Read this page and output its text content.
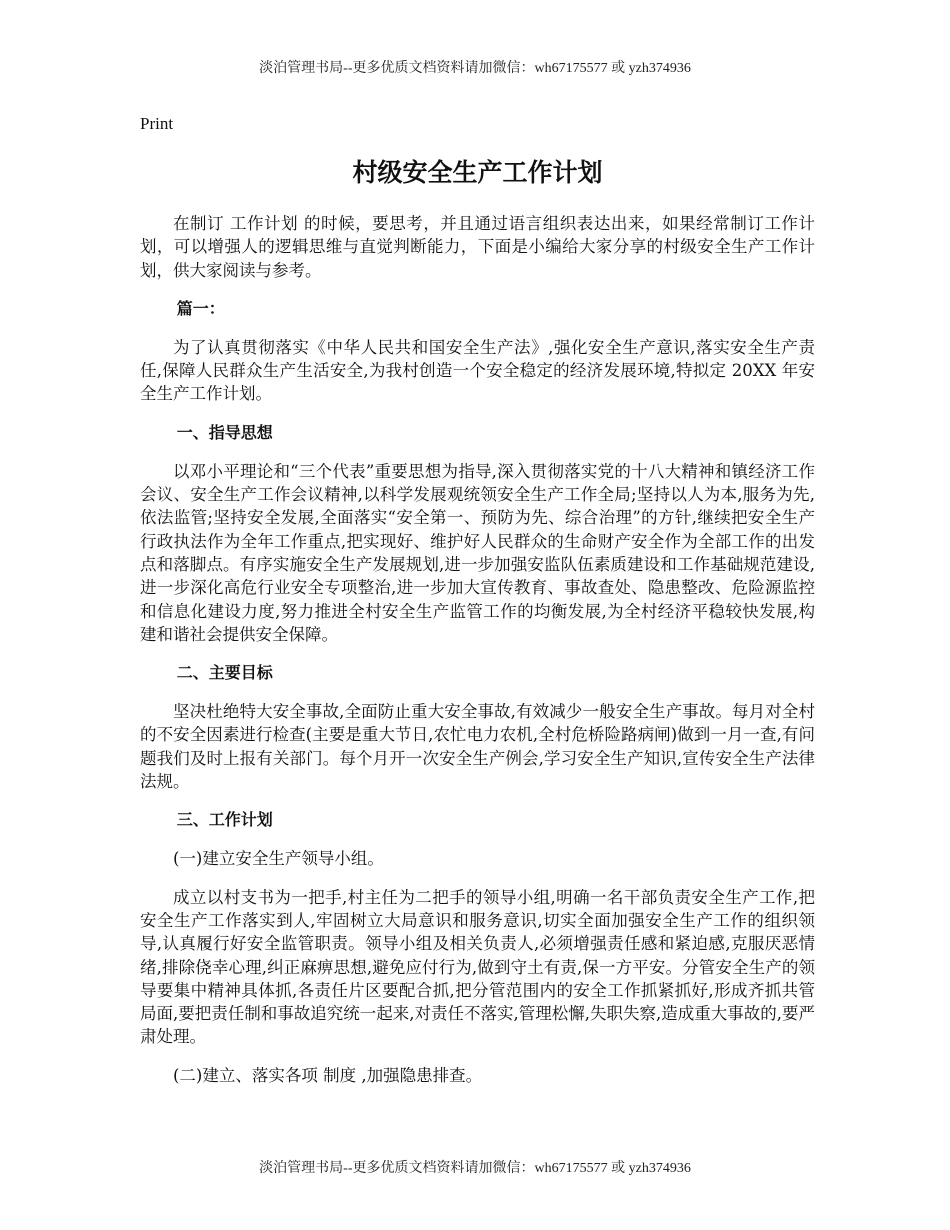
淡泊管理书局--更多优质文档资料请加微信：wh67175577 或 yzh374936
Print
村级安全生产工作计划

在制订 工作计划 的时候，要思考，并且通过语言组织表达出来，如果经常制订工作计划，可以增强人的逻辑思维与直觉判断能力，下面是小编给大家分享的村级安全生产工作计划，供大家阅读与参考。

篇一：

为了认真贯彻落实《中华人民共和国安全生产法》,强化安全生产意识,落实安全生产责任,保障人民群众生产生活安全,为我村创造一个安全稳定的经济发展环境,特拟定 20XX 年安全生产工作计划。

一、指导思想

以邓小平理论和“三个代表”重要思想为指导,深入贯彻落实党的十八大精神和镇经济工作会议、安全生产工作会议精神,以科学发展观统领安全生产工作全局;坚持以人为本,服务为先,依法监管;坚持安全发展,全面落实“安全第一、预防为先、综合治理”的方针,继续把安全生产行政执法作为全年工作重点,把实现好、维护好人民群众的生命财产安全作为全部工作的出发点和落脚点。有序实施安全生产发展规划,进一步加强安监队伍素质建设和工作基础规范建设,进一步深化高危行业安全专项整治,进一步加大宣传教育、事故查处、隐患整改、危险源监控和信息化建设力度,努力推进全村安全生产监管工作的均衡发展,为全村经济平稳较快发展,构建和谐社会提供安全保障。

二、主要目标

坚决杜绝特大安全事故,全面防止重大安全事故,有效减少一般安全生产事故。每月对全村的不安全因素进行检查(主要是重大节日,农忙电力农机,全村危桥险路病闸)做到一月一查,有问题我们及时上报有关部门。每个月开一次安全生产例会,学习安全生产知识,宣传安全生产法律法规。

三、工作计划

(一)建立安全生产领导小组。

成立以村支书为一把手,村主任为二把手的领导小组,明确一名干部负责安全生产工作,把安全生产工作落实到人,牢固树立大局意识和服务意识,切实全面加强安全生产工作的组织领导,认真履行好安全监管职责。领导小组及相关负责人,必须增强责任感和紧迫感,克服厌恶情绪,排除侥幸心理,纠正麻痹思想,避免应付行为,做到守土有责,保一方平安。分管安全生产的领导要集中精神具体抓,各责任片区要配合抓,把分管范围内的安全工作抓紧抓好,形成齐抓共管局面,要把责任制和事故追究统一起来,对责任不落实,管理松懈,失职失察,造成重大事故的,要严肃处理。

(二)建立、落实各项 制度 ,加强隐患排查。

淡泊管理书局--更多优质文档资料请加微信：wh67175577 或 yzh374936
